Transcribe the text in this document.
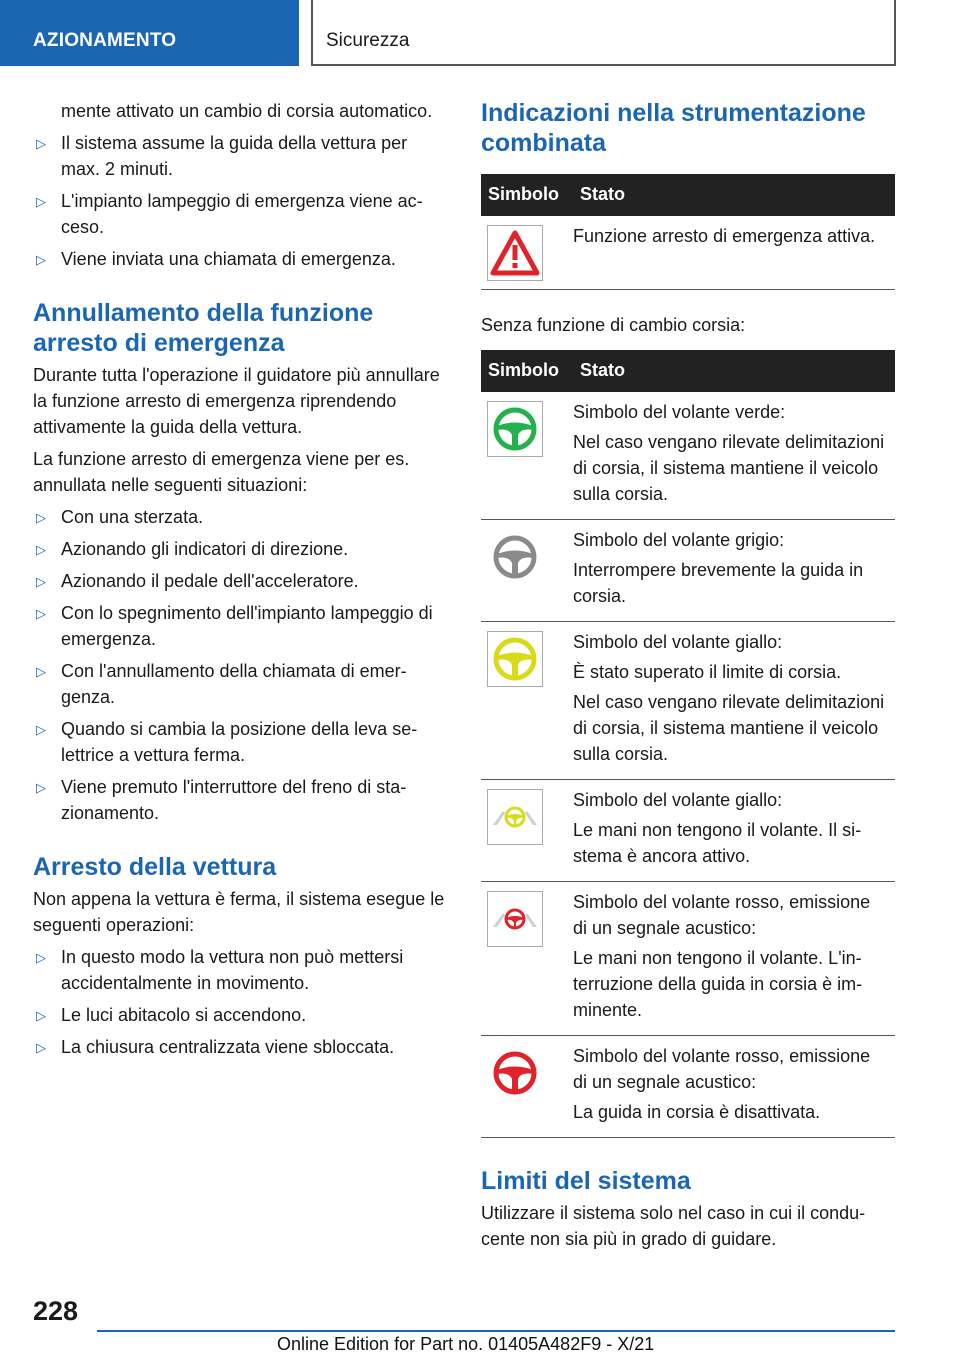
AZIONAMENTO	Sicurezza
mente attivato un cambio di corsia automatico.
▷ Il sistema assume la guida della vettura per max. 2 minuti.
▷ L'impianto lampeggio di emergenza viene acceso.
▷ Viene inviata una chiamata di emergenza.
Annullamento della funzione arresto di emergenza

Durante tutta l'operazione il guidatore più annullare la funzione arresto di emergenza riprendendo attivamente la guida della vettura.

La funzione arresto di emergenza viene per es. annullata nelle seguenti situazioni:

▷ Con una sterzata.
▷ Azionando gli indicatori di direzione.
▷ Azionando il pedale dell'acceleratore.
▷ Con lo spegnimento dell'impianto lampeggio di emergenza.
▷ Con l'annullamento della chiamata di emergenza.
▷ Quando si cambia la posizione della leva selettrice a vettura ferma.
▷ Viene premuto l'interruttore del freno di stazionamento.
Arresto della vettura

Non appena la vettura è ferma, il sistema esegue le seguenti operazioni:

▷ In questo modo la vettura non può mettersi accidentalmente in movimento.
▷ Le luci abitacolo si accendono.
▷ La chiusura centralizzata viene sbloccata.
Indicazioni nella strumentazione combinata
Simbolo	Stato

Funzione arresto di emergenza attiva.

Senza funzione di cambio corsia:

Simbolo	Stato

Simbolo del volante verde:

Nel caso vengano rilevate delimitazioni di corsia, il sistema mantiene il veicolo sulla corsia.

Simbolo del volante grigio:

Interrompere brevemente la guida in corsia.

Simbolo del volante giallo:

È stato superato il limite di corsia.

Nel caso vengano rilevate delimitazioni di corsia, il sistema mantiene il veicolo sulla corsia.

Simbolo del volante giallo:

Le mani non tengono il volante. Il sistema è ancora attivo.

Simbolo del volante rosso, emissione di un segnale acustico:

Le mani non tengono il volante. L'interruzione della guida in corsia è imminente.

Simbolo del volante rosso, emissione di un segnale acustico:

La guida in corsia è disattivata.

Limiti del sistema

Utilizzare il sistema solo nel caso in cui il conducente non sia più in grado di guidare.

228
Online Edition for Part no. 01405A482F9 - X/21
